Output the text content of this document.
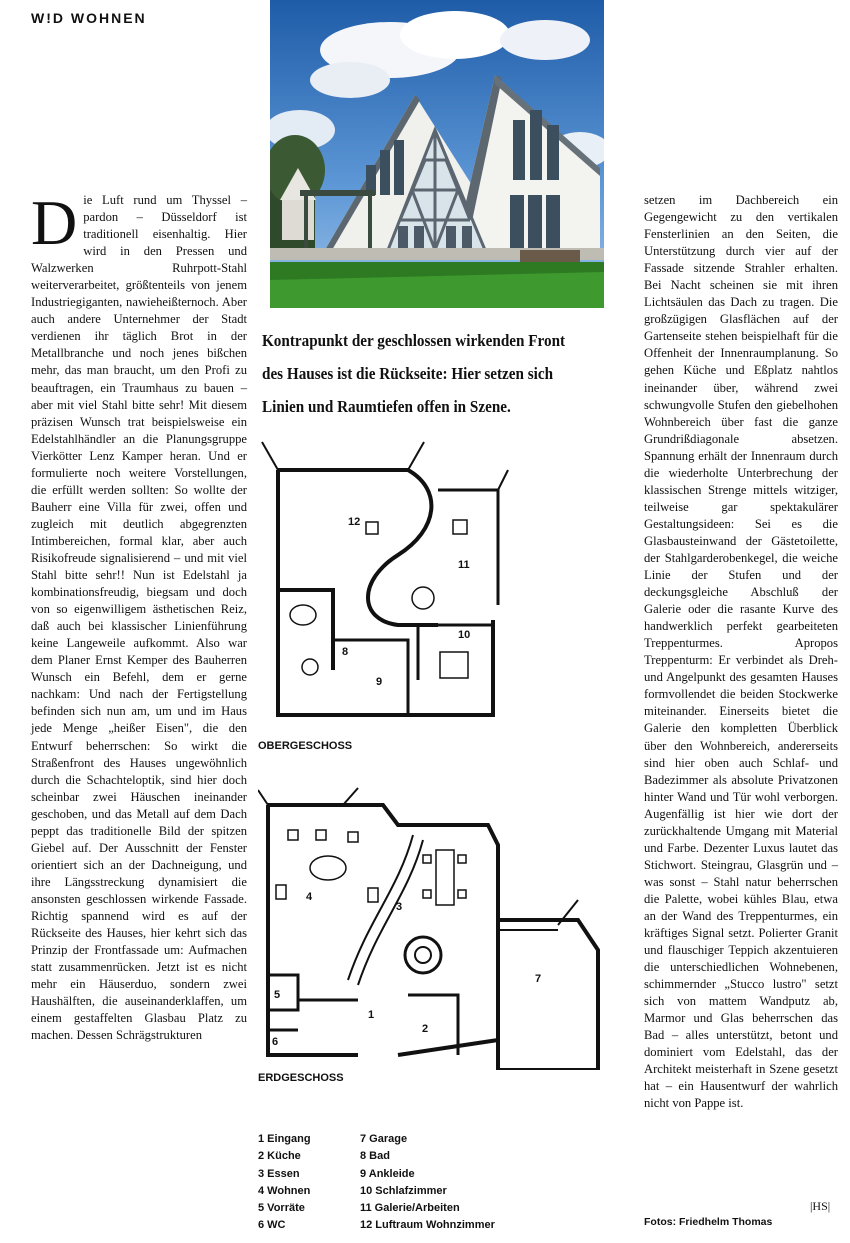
W!D WOHNEN

Die Luft rund um Thyssel – pardon – Düsseldorf ist traditionell eisenhaltig. Hier wird in den Pressen und Walzwerken Ruhrpott-Stahl weiterverarbeitet, größtenteils von jenem Industriegiganten, nawieheißternoch. Aber auch andere Unternehmer der Stadt verdienen ihr täglich Brot in der Metallbranche und noch jenes bißchen mehr, das man braucht, um den Profi zu beauftragen, ein Traumhaus zu bauen – aber mit viel Stahl bitte sehr! Mit diesem präzisen Wunsch trat beispielsweise ein Edelstahlhändler an die Planungsgruppe Vierkötter Lenz Kamper heran. Und er formulierte noch weitere Vorstellungen, die erfüllt werden sollten: So wollte der Bauherr eine Villa für zwei, offen und zugleich mit deutlich abgegrenzten Intimbereichen, formal klar, aber auch Risikofreude signalisierend – und mit viel Stahl bitte sehr!! Nun ist Edelstahl ja kombinationsfreudig, biegsam und doch von so eigenwilligem ästhetischen Reiz, daß auch bei klassischer Linienführung keine Langeweile aufkommt. Also war dem Planer Ernst Kemper des Bauherren Wunsch ein Befehl, dem er gerne nachkam: Und nach der Fertigstellung befinden sich nun am, um und im Haus jede Menge „heißer Eisen", die den Entwurf beherrschen: So wirkt die Straßenfront des Hauses ungewöhnlich durch die Schachteloptik, sind hier doch scheinbar zwei Häuschen ineinander geschoben, und das Metall auf dem Dach peppt das traditionelle Bild der spitzen Giebel auf. Der Ausschnitt der Fenster orientiert sich an der Dachneigung, und ihre Längsstreckung dynamisiert die ansonsten geschlossen wirkende Fassade. Richtig spannend wird es auf der Rückseite des Hauses, hier kehrt sich das Prinzip der Frontfassade um: Aufmachen statt zusammenrücken. Jetzt ist es nicht mehr ein Häuserduo, sondern zwei Haushälften, die auseinanderklaffen, um einem gestaffelten Glasbau Platz zu machen. Dessen Schrägstrukturen

Kontrapunkt der geschlossen wirkenden Front des Hauses ist die Rückseite: Hier setzen sich Linien und Raumtiefen offen in Szene.
12
11
10
8
9
OBERGESCHOSS
4
3
5
6
1
2
7
ERDGESCHOSS
1 Eingang
2 Küche
3 Essen
4 Wohnen
5 Vorräte
6 WC
7 Garage
8 Bad
9 Ankleide
10 Schlafzimmer
11 Galerie/Arbeiten
12 Luftraum Wohnzimmer

setzen im Dachbereich ein Gegengewicht zu den vertikalen Fensterlinien an den Seiten, die Unterstützung durch vier auf der Fassade sitzende Strahler erhalten. Bei Nacht scheinen sie mit ihren Lichtsäulen das Dach zu tragen. Die großzügigen Glasflächen auf der Gartenseite stehen beispielhaft für die Offenheit der Innenraumplanung. So gehen Küche und Eßplatz nahtlos ineinander über, während zwei schwungvolle Stufen den giebelhohen Wohnbereich über fast die ganze Grundrißdiagonale absetzen. Spannung erhält der Innenraum durch die wiederholte Unterbrechung der klassischen Strenge mittels witziger, teilweise gar spektakulärer Gestaltungsideen: Sei es die Glasbausteinwand der Gästetoilette, der Stahlgarderobenkegel, die weiche Linie der Stufen und der deckungsgleiche Abschluß der Galerie oder die rasante Kurve des handwerklich perfekt gearbeiteten Treppenturmes. Apropos Treppenturm: Er verbindet als Dreh- und Angelpunkt des gesamten Hauses formvollendet die beiden Stockwerke miteinander. Einerseits bietet die Galerie den kompletten Überblick über den Wohnbereich, andererseits sind hier oben auch Schlaf- und Badezimmer als absolute Privatzonen hinter Wand und Tür wohl verborgen. Augenfällig ist hier wie dort der zurückhaltende Umgang mit Material und Farbe. Dezenter Luxus lautet das Stichwort. Steingrau, Glasgrün und – was sonst – Stahl natur beherrschen die Palette, wobei kühles Blau, etwa an der Wand des Treppenturmes, ein kräftiges Signal setzt. Polierter Granit und flauschiger Teppich akzentuieren die unterschiedlichen Wohnebenen, schimmernder „Stucco lustro" setzt sich von mattem Wandputz ab, Marmor und Glas beherrschen das Bad – alles unterstützt, betont und dominiert vom Edelstahl, das der Architekt meisterhaft in Szene gesetzt hat – ein Hausentwurf der wahrlich nicht von Pappe ist.

|HS|
Fotos: Friedhelm Thomas
